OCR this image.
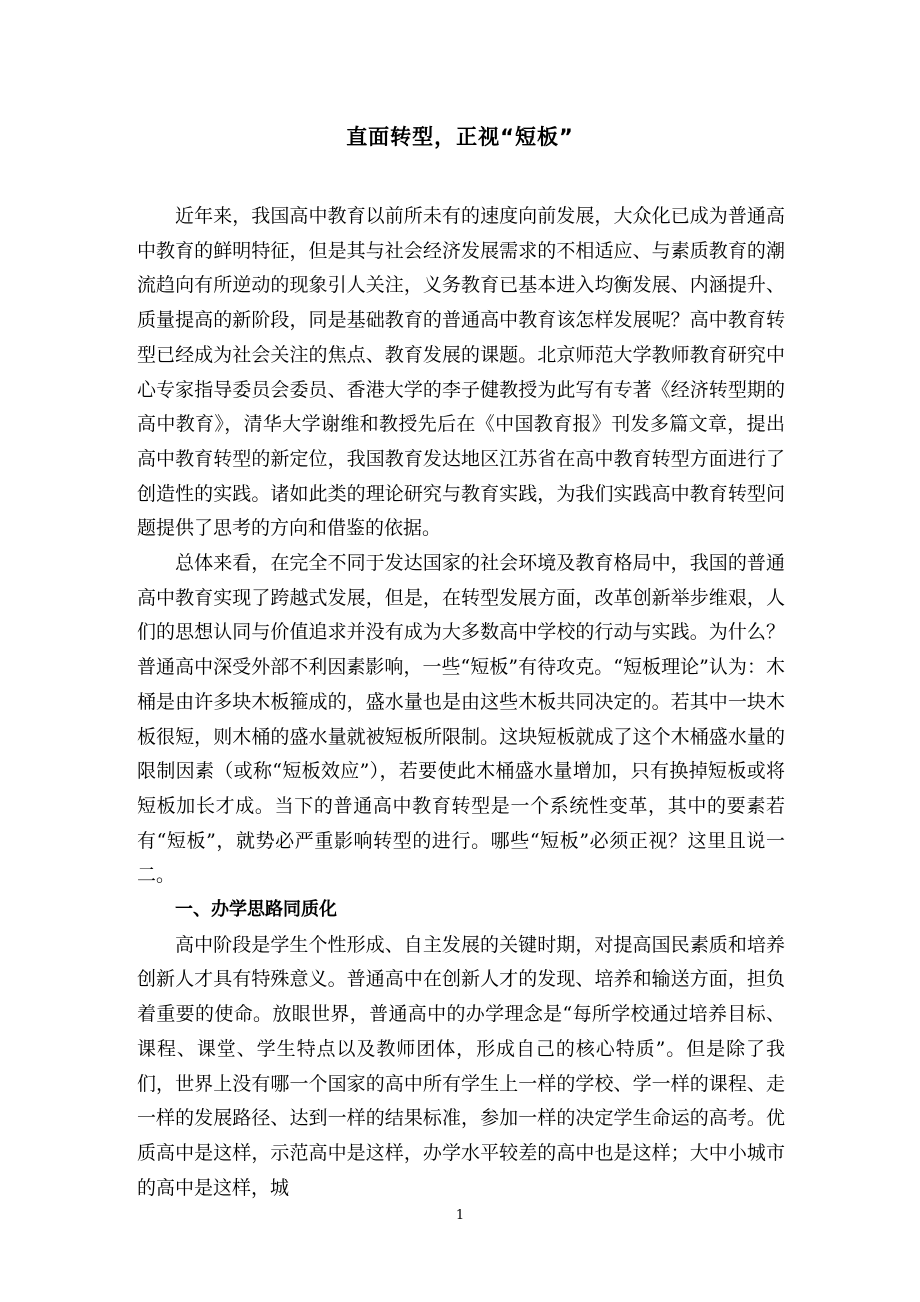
直面转型，正视“短板”

近年来，我国高中教育以前所未有的速度向前发展，大众化已成为普通高中教育的鲜明特征，但是其与社会经济发展需求的不相适应、与素质教育的潮流趋向有所逆动的现象引人关注，义务教育已基本进入均衡发展、内涵提升、质量提高的新阶段，同是基础教育的普通高中教育该怎样发展呢？高中教育转型已经成为社会关注的焦点、教育发展的课题。北京师范大学教师教育研究中心专家指导委员会委员、香港大学的李子健教授为此写有专著《经济转型期的高中教育》，清华大学谢维和教授先后在《中国教育报》刊发多篇文章，提出高中教育转型的新定位，我国教育发达地区江苏省在高中教育转型方面进行了创造性的实践。诸如此类的理论研究与教育实践，为我们实践高中教育转型问题提供了思考的方向和借鉴的依据。

总体来看，在完全不同于发达国家的社会环境及教育格局中，我国的普通高中教育实现了跨越式发展，但是，在转型发展方面，改革创新举步维艰，人们的思想认同与价值追求并没有成为大多数高中学校的行动与实践。为什么？普通高中深受外部不利因素影响，一些“短板”有待攻克。“短板理论”认为：木桶是由许多块木板箍成的，盛水量也是由这些木板共同决定的。若其中一块木板很短，则木桶的盛水量就被短板所限制。这块短板就成了这个木桶盛水量的限制因素（或称“短板效应”），若要使此木桶盛水量增加，只有换掉短板或将短板加长才成。当下的普通高中教育转型是一个系统性变革，其中的要素若有“短板”，就势必严重影响转型的进行。哪些“短板”必须正视？这里且说一二。

一、办学思路同质化

高中阶段是学生个性形成、自主发展的关键时期，对提高国民素质和培养创新人才具有特殊意义。普通高中在创新人才的发现、培养和输送方面，担负着重要的使命。放眼世界，普通高中的办学理念是“每所学校通过培养目标、课程、课堂、学生特点以及教师团体，形成自己的核心特质”。但是除了我们，世界上没有哪一个国家的高中所有学生上一样的学校、学一样的课程、走一样的发展路径、达到一样的结果标准，参加一样的决定学生命运的高考。优质高中是这样，示范高中是这样，办学水平较差的高中也是这样；大中小城市的高中是这样，城

1
